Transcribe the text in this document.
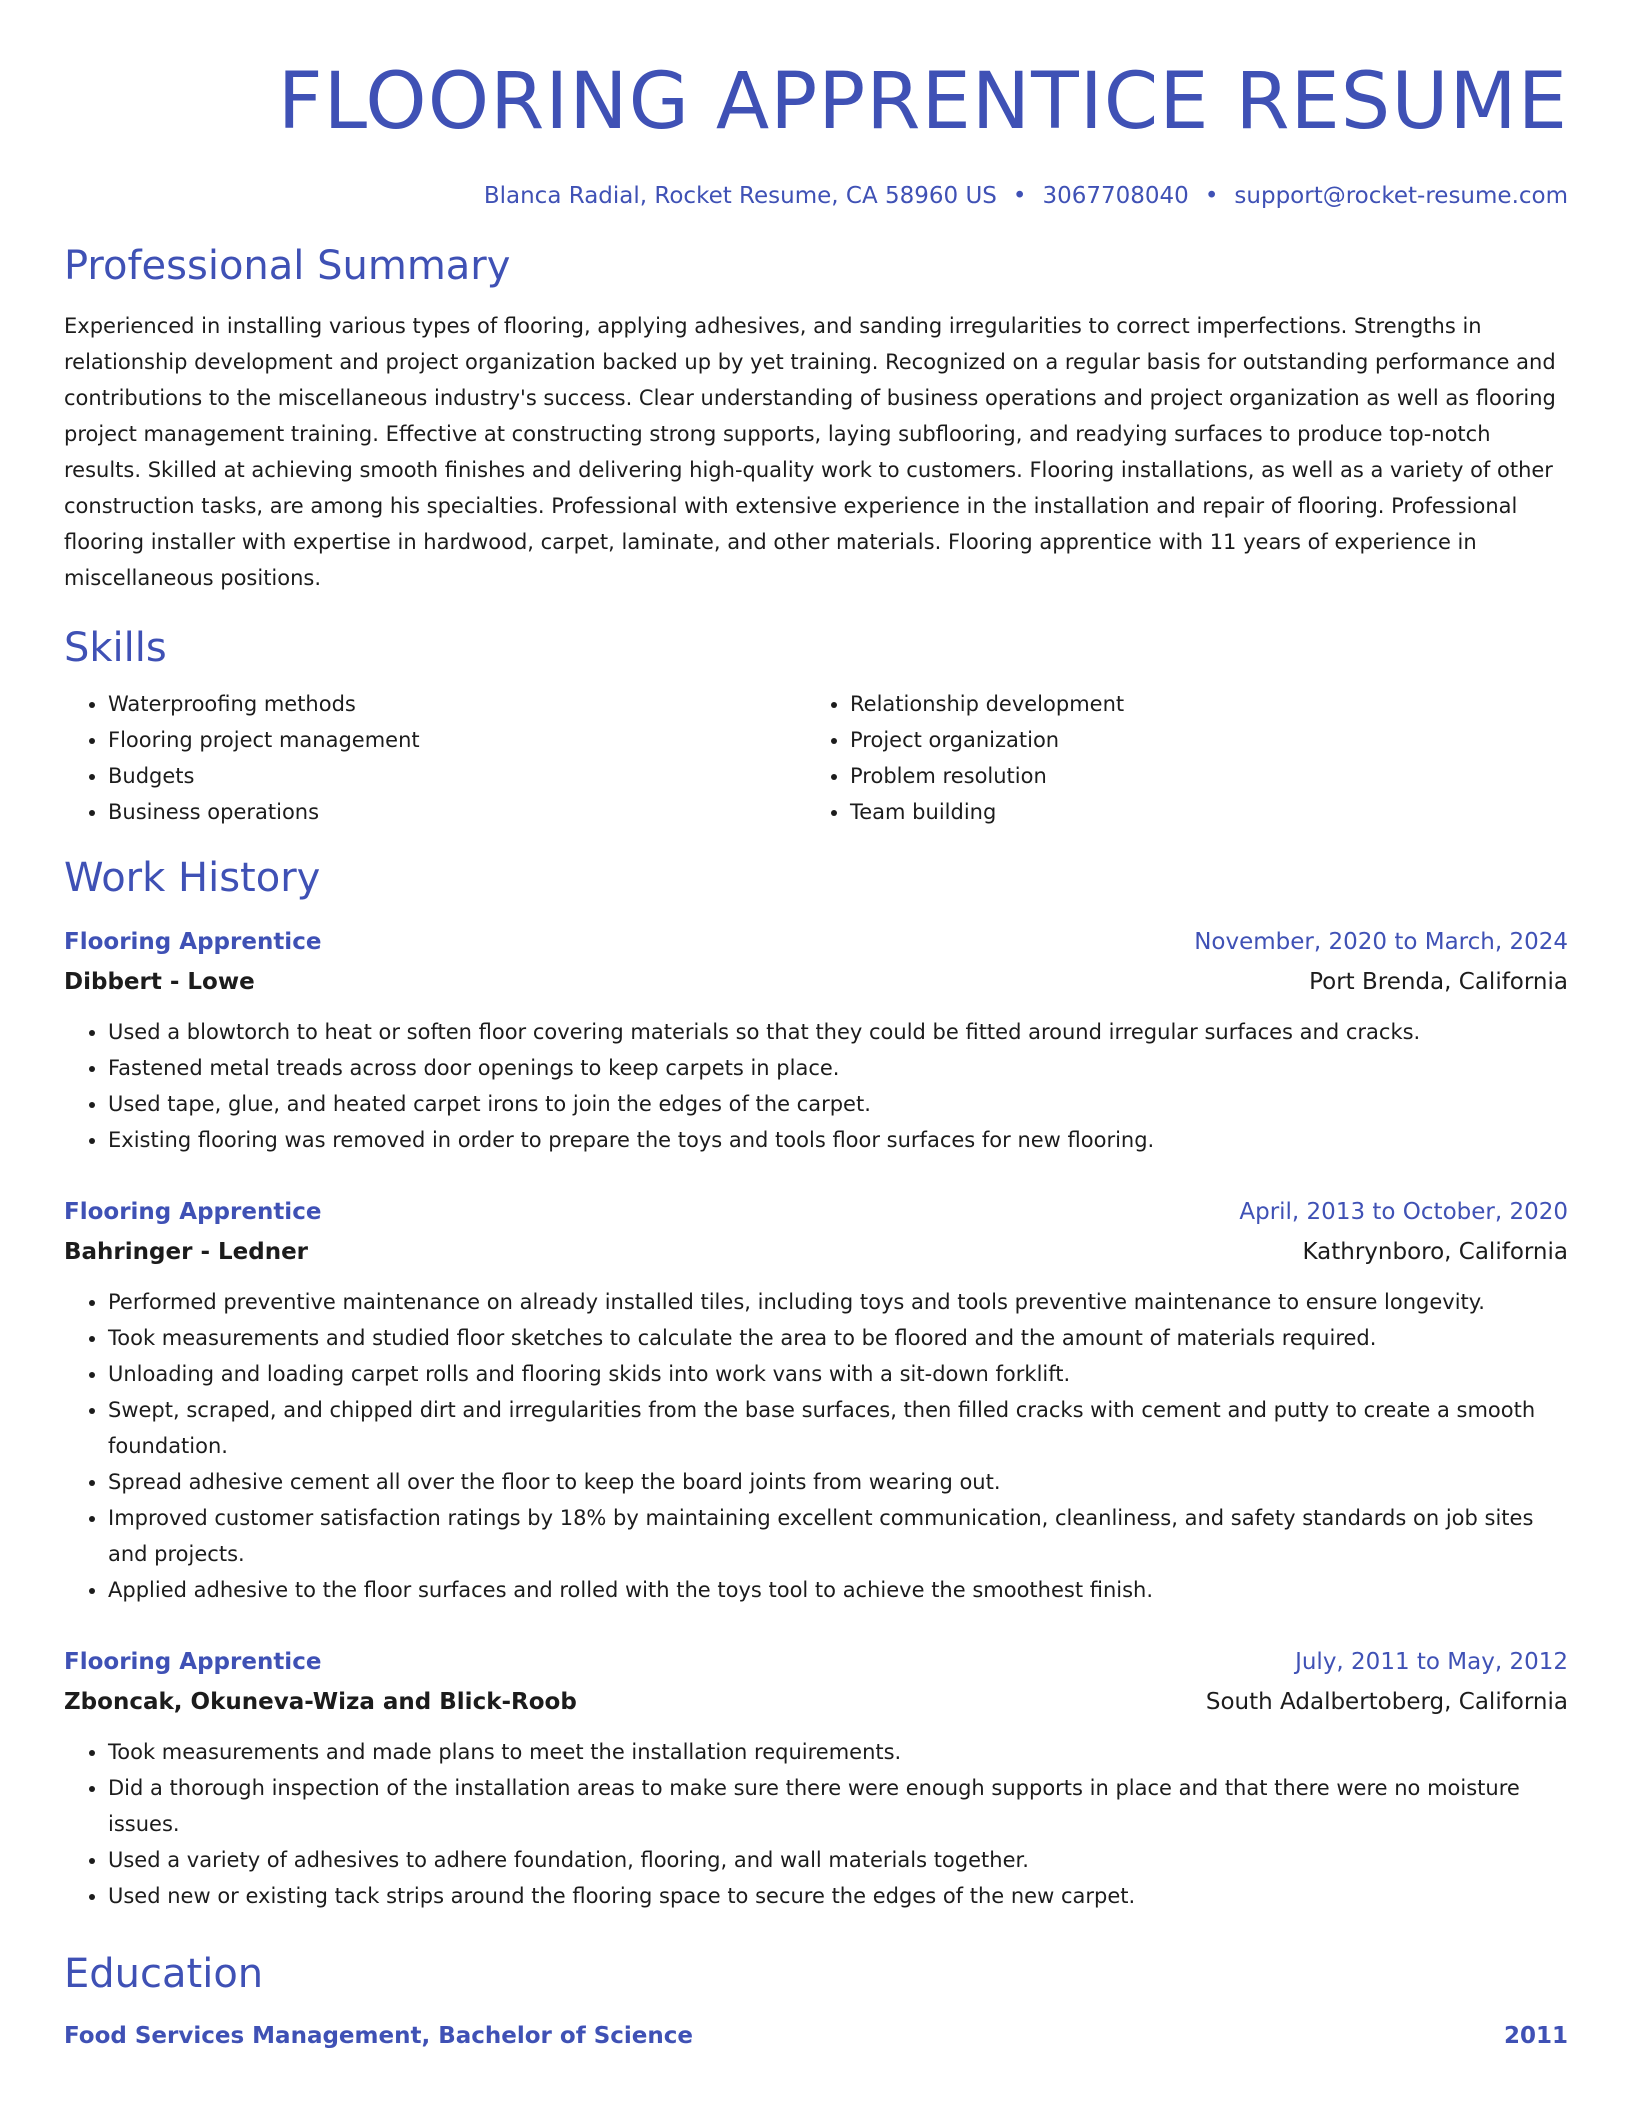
FLOORING APPRENTICE RESUME
Blanca Radial, Rocket Resume, CA 58960 US • 3067708040 • support@rocket-resume.com
Professional Summary
Experienced in installing various types of flooring, applying adhesives, and sanding irregularities to correct imperfections. Strengths in relationship development and project organization backed up by yet training. Recognized on a regular basis for outstanding performance and contributions to the miscellaneous industry's success. Clear understanding of business operations and project organization as well as flooring project management training. Effective at constructing strong supports, laying subflooring, and readying surfaces to produce top-notch results. Skilled at achieving smooth finishes and delivering high-quality work to customers. Flooring installations, as well as a variety of other construction tasks, are among his specialties. Professional with extensive experience in the installation and repair of flooring. Professional flooring installer with expertise in hardwood, carpet, laminate, and other materials. Flooring apprentice with 11 years of experience in miscellaneous positions.
Skills
• Waterproofing methods
• Flooring project management
• Budgets
• Business operations
• Relationship development
• Project organization
• Problem resolution
• Team building
Work History
Flooring Apprentice	November, 2020 to March, 2024
Dibbert - Lowe	Port Brenda, California
• Used a blowtorch to heat or soften floor covering materials so that they could be fitted around irregular surfaces and cracks.
• Fastened metal treads across door openings to keep carpets in place.
• Used tape, glue, and heated carpet irons to join the edges of the carpet.
• Existing flooring was removed in order to prepare the toys and tools floor surfaces for new flooring.
Flooring Apprentice	April, 2013 to October, 2020
Bahringer - Ledner	Kathrynboro, California
• Performed preventive maintenance on already installed tiles, including toys and tools preventive maintenance to ensure longevity.
• Took measurements and studied floor sketches to calculate the area to be floored and the amount of materials required.
• Unloading and loading carpet rolls and flooring skids into work vans with a sit-down forklift.
• Swept, scraped, and chipped dirt and irregularities from the base surfaces, then filled cracks with cement and putty to create a smooth foundation.
• Spread adhesive cement all over the floor to keep the board joints from wearing out.
• Improved customer satisfaction ratings by 18% by maintaining excellent communication, cleanliness, and safety standards on job sites and projects.
• Applied adhesive to the floor surfaces and rolled with the toys tool to achieve the smoothest finish.
Flooring Apprentice	July, 2011 to May, 2012
Zboncak, Okuneva-Wiza and Blick-Roob	South Adalbertoberg, California
• Took measurements and made plans to meet the installation requirements.
• Did a thorough inspection of the installation areas to make sure there were enough supports in place and that there were no moisture issues.
• Used a variety of adhesives to adhere foundation, flooring, and wall materials together.
• Used new or existing tack strips around the flooring space to secure the edges of the new carpet.
Education
Food Services Management, Bachelor of Science	2011
